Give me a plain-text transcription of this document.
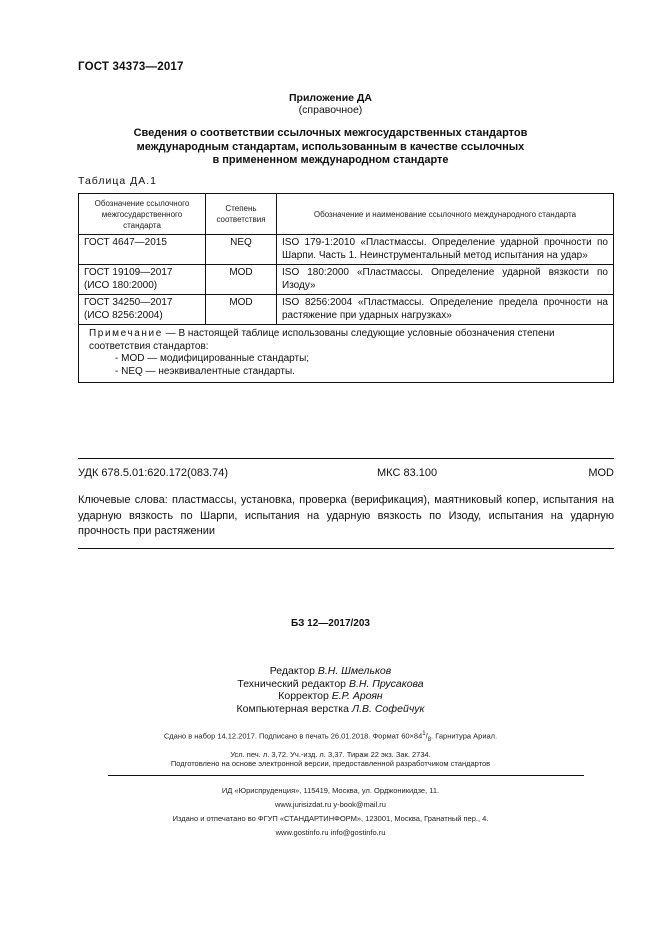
ГОСТ 34373—2017
Приложение ДА
(справочное)
Сведения о соответствии ссылочных межгосударственных стандартов
международным стандартам, использованным в качестве ссылочных
в примененном международном стандарте
Таблица ДА.1
Обозначение ссылочного межгосударственного стандарта	Степень соответствия	Обозначение и наименование ссылочного международного стандарта

ГОСТ 4647—2015	NEQ	ISO 179-1:2010 «Пластмассы. Определение ударной прочности по Шарпи. Часть 1. Неинструментальный метод испытания на удар»

ГОСТ 19109—2017
(ИСО 180:2000)	MOD	ISO 180:2000 «Пластмассы. Определение ударной вязкости по Изоду»

ГОСТ 34250—2017
(ИСО 8256:2004)	MOD	ISO 8256:2004 «Пластмассы. Определение предела прочности на растяжение при ударных нагрузках»

Примечание — В настоящей таблице использованы следующие условные обозначения степени соответствия стандартов:
- MOD — модифицированные стандарты;
- NEQ — неэквивалентные стандарты.		
УДК 678.5.01:620.172(083.74)	МКС 83.100	MOD
Ключевые слова: пластмассы, установка, проверка (верификация), маятниковый копер, испытания на ударную вязкость по Шарпи, испытания на ударную вязкость по Изоду, испытания на ударную прочность при растяжении
БЗ 12—2017/203
Редактор В.Н. Шмельков
Технический редактор В.Н. Прусакова
Корректор Е.Р. Ароян
Компьютерная верстка Л.В. Софейчук
Сдано в набор 14.12.2017. Подписано в печать 26.01.2018. Формат $60\times 84^1/_8$. Гарнитура Ариал.
Усл. печ. л. 3,72. Уч.-изд. л. 3,37. Тираж 22 экз. Зак. 2734.
Подготовлено на основе электронной версии, предоставленной разработчиком стандартов
ИД «Юриспруденция», 115419, Москва, ул. Орджоникидзе, 11.
www.jurisizdat.ru y-book@mail.ru
Издано и отпечатано во ФГУП «СТАНДАРТИНФОРМ», 123001, Москва, Гранатный пер., 4.
www.gostinfo.ru info@gostinfo.ru
